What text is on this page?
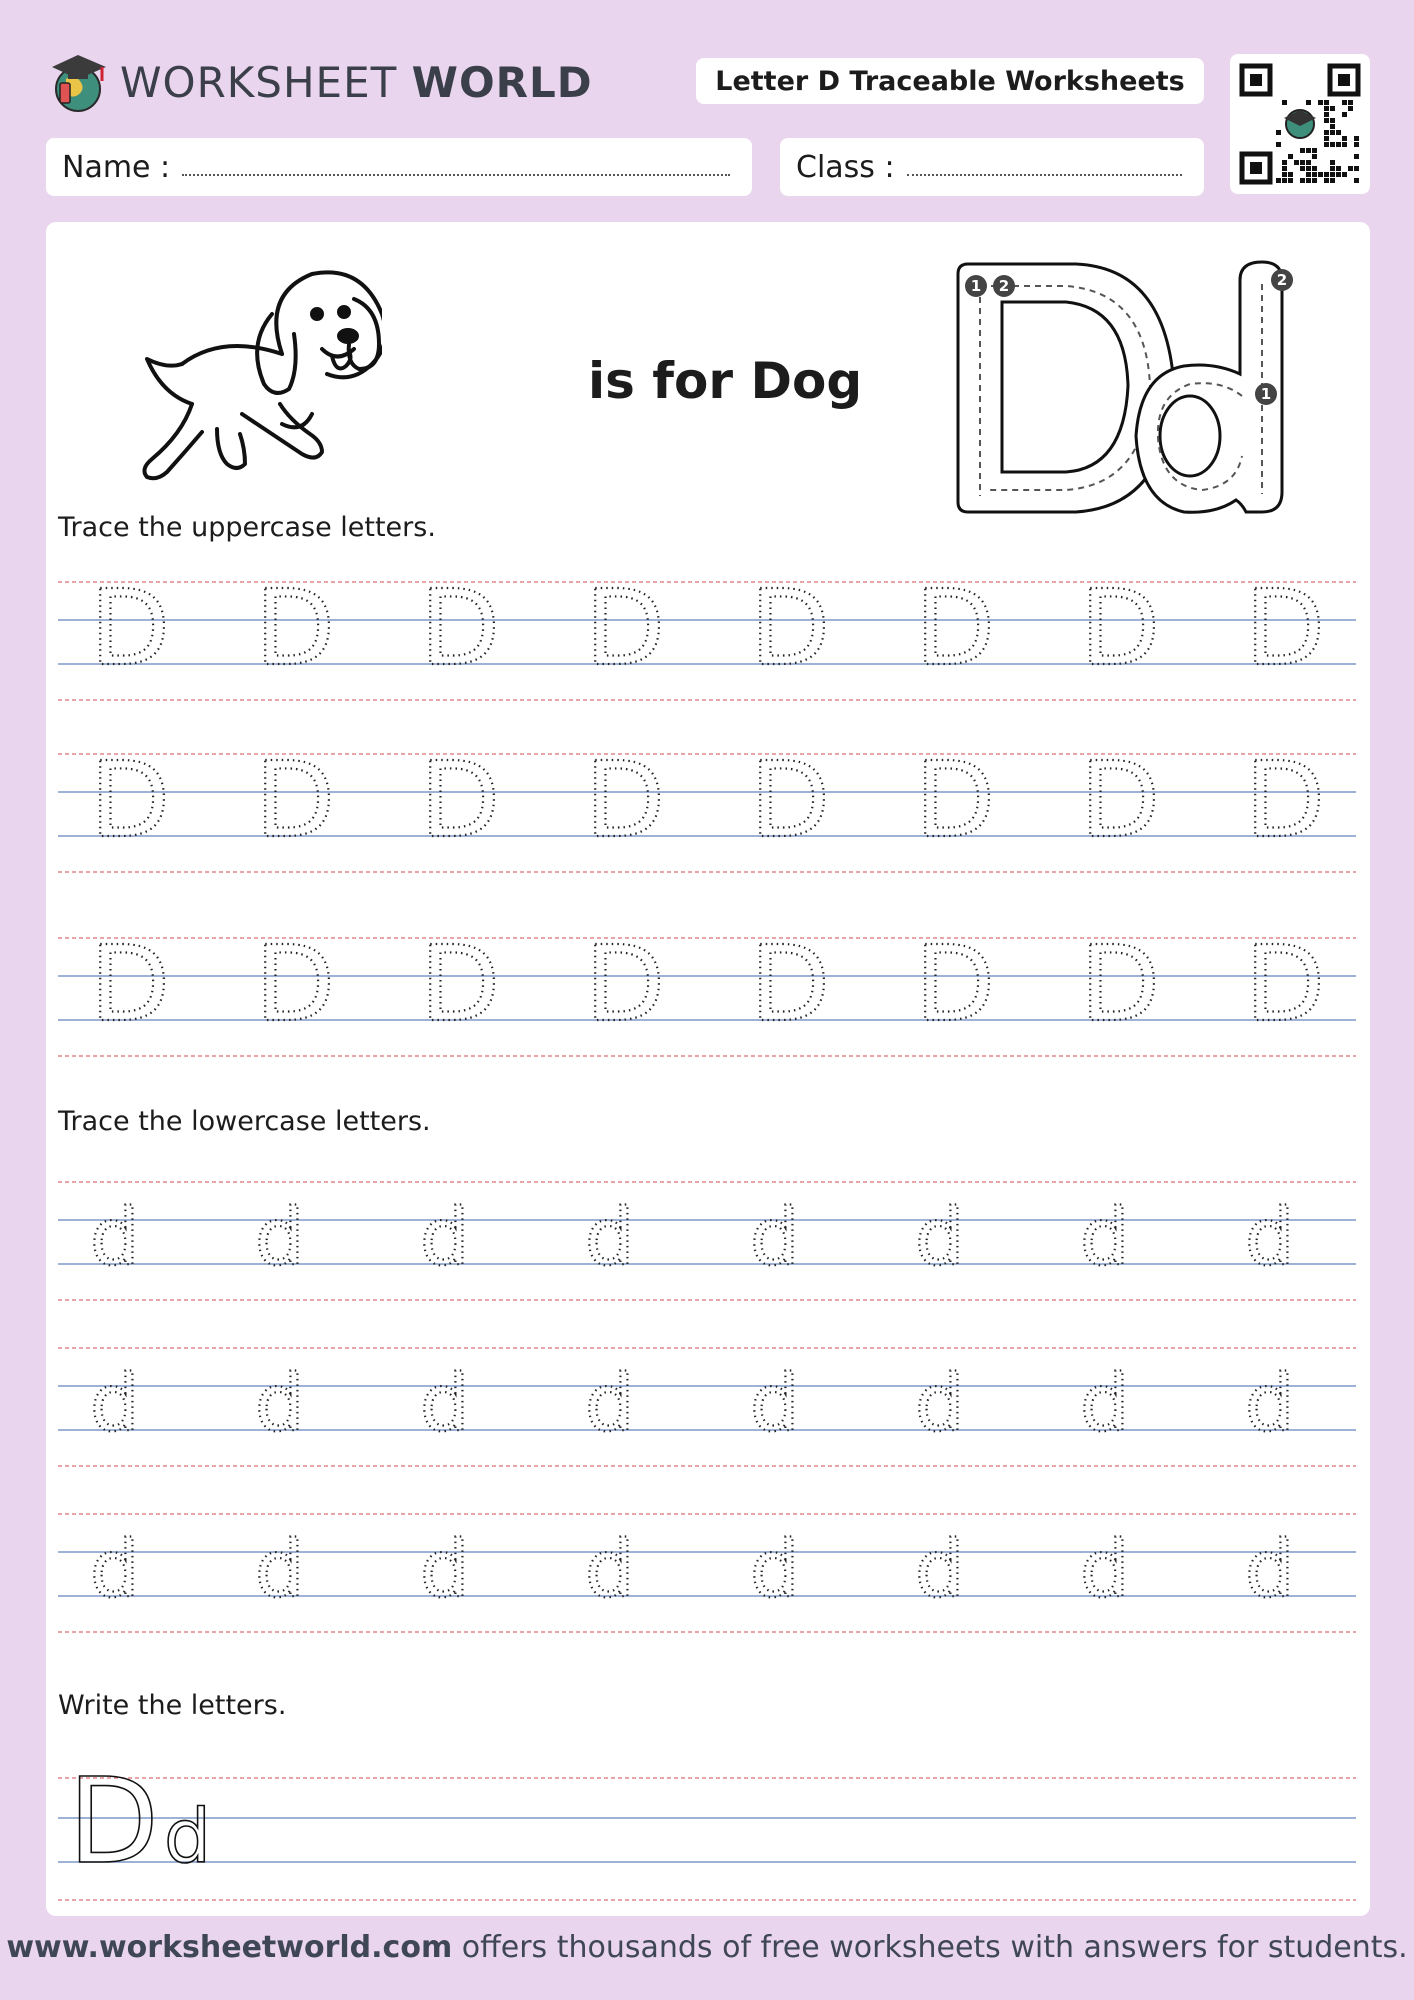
WORKSHEET WORLD	Letter D Traceable Worksheets
Name :	Class :
is for Dog
1 2	2
1
Trace the uppercase letters.
Trace the lowercase letters.
Write the letters.
D D D D D D D D
D D D D D D D D
D D D D D D D D
d d d d d d d d
d d d d d d d d
d d d d d d d d
D d
www.worksheetworld.com offers thousands of free worksheets with answers for students.
